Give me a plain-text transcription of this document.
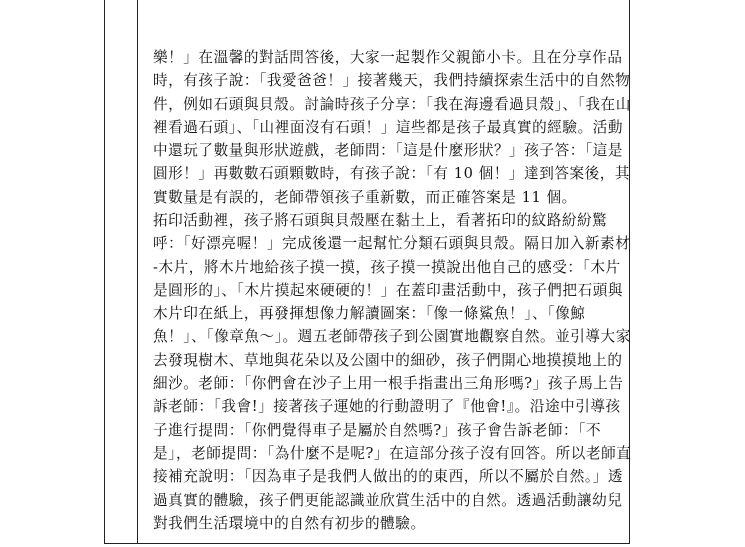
樂！」在溫馨的對話問答後，大家一起製作父親節小卡。且在分享作品
時，有孩子說：「我愛爸爸！」接著幾天，我們持續探索生活中的自然物
件，例如石頭與貝殼。討論時孩子分享：「我在海邊看過貝殼」、「我在山
裡看過石頭」、「山裡面沒有石頭！」這些都是孩子最真實的經驗。活動
中還玩了數量與形狀遊戲，老師問：「這是什麼形狀？」孩子答：「這是
圓形！」再數數石頭顆數時，有孩子說：「有 10 個！」達到答案後，其
實數量是有誤的，老師帶領孩子重新數，而正確答案是 11 個。

拓印活動裡，孩子將石頭與貝殼壓在黏土上，看著拓印的紋路紛紛驚
呼：「好漂亮喔！」完成後還一起幫忙分類石頭與貝殼。隔日加入新素材
-木片，將木片地給孩子摸一摸，孩子摸一摸說出他自己的感受：「木片
是圓形的」、「木片摸起來硬硬的！」在蓋印畫活動中，孩子們把石頭與
木片印在紙上，再發揮想像力解讀圖案：「像一條鯊魚！」、「像鯨
魚！」、「像章魚～」。週五老師帶孩子到公園實地觀察自然。並引導大家
去發現樹木、草地與花朵以及公園中的細砂，孩子們開心地摸摸地上的
細沙。老師：「你們會在沙子上用一根手指畫出三角形嗎?」孩子馬上告
訴老師：「我會!」接著孩子運她的行動證明了『他會!』。沿途中引導孩
子進行提問：「你們覺得車子是屬於自然嗎?」孩子會告訴老師：「不
是」，老師提問：「為什麼不是呢?」在這部分孩子沒有回答。所以老師直
接補充說明：「因為車子是我們人做出的的東西，所以不屬於自然。」透
過真實的體驗，孩子們更能認識並欣賞生活中的自然。透過活動讓幼兒
對我們生活環境中的自然有初步的體驗。
